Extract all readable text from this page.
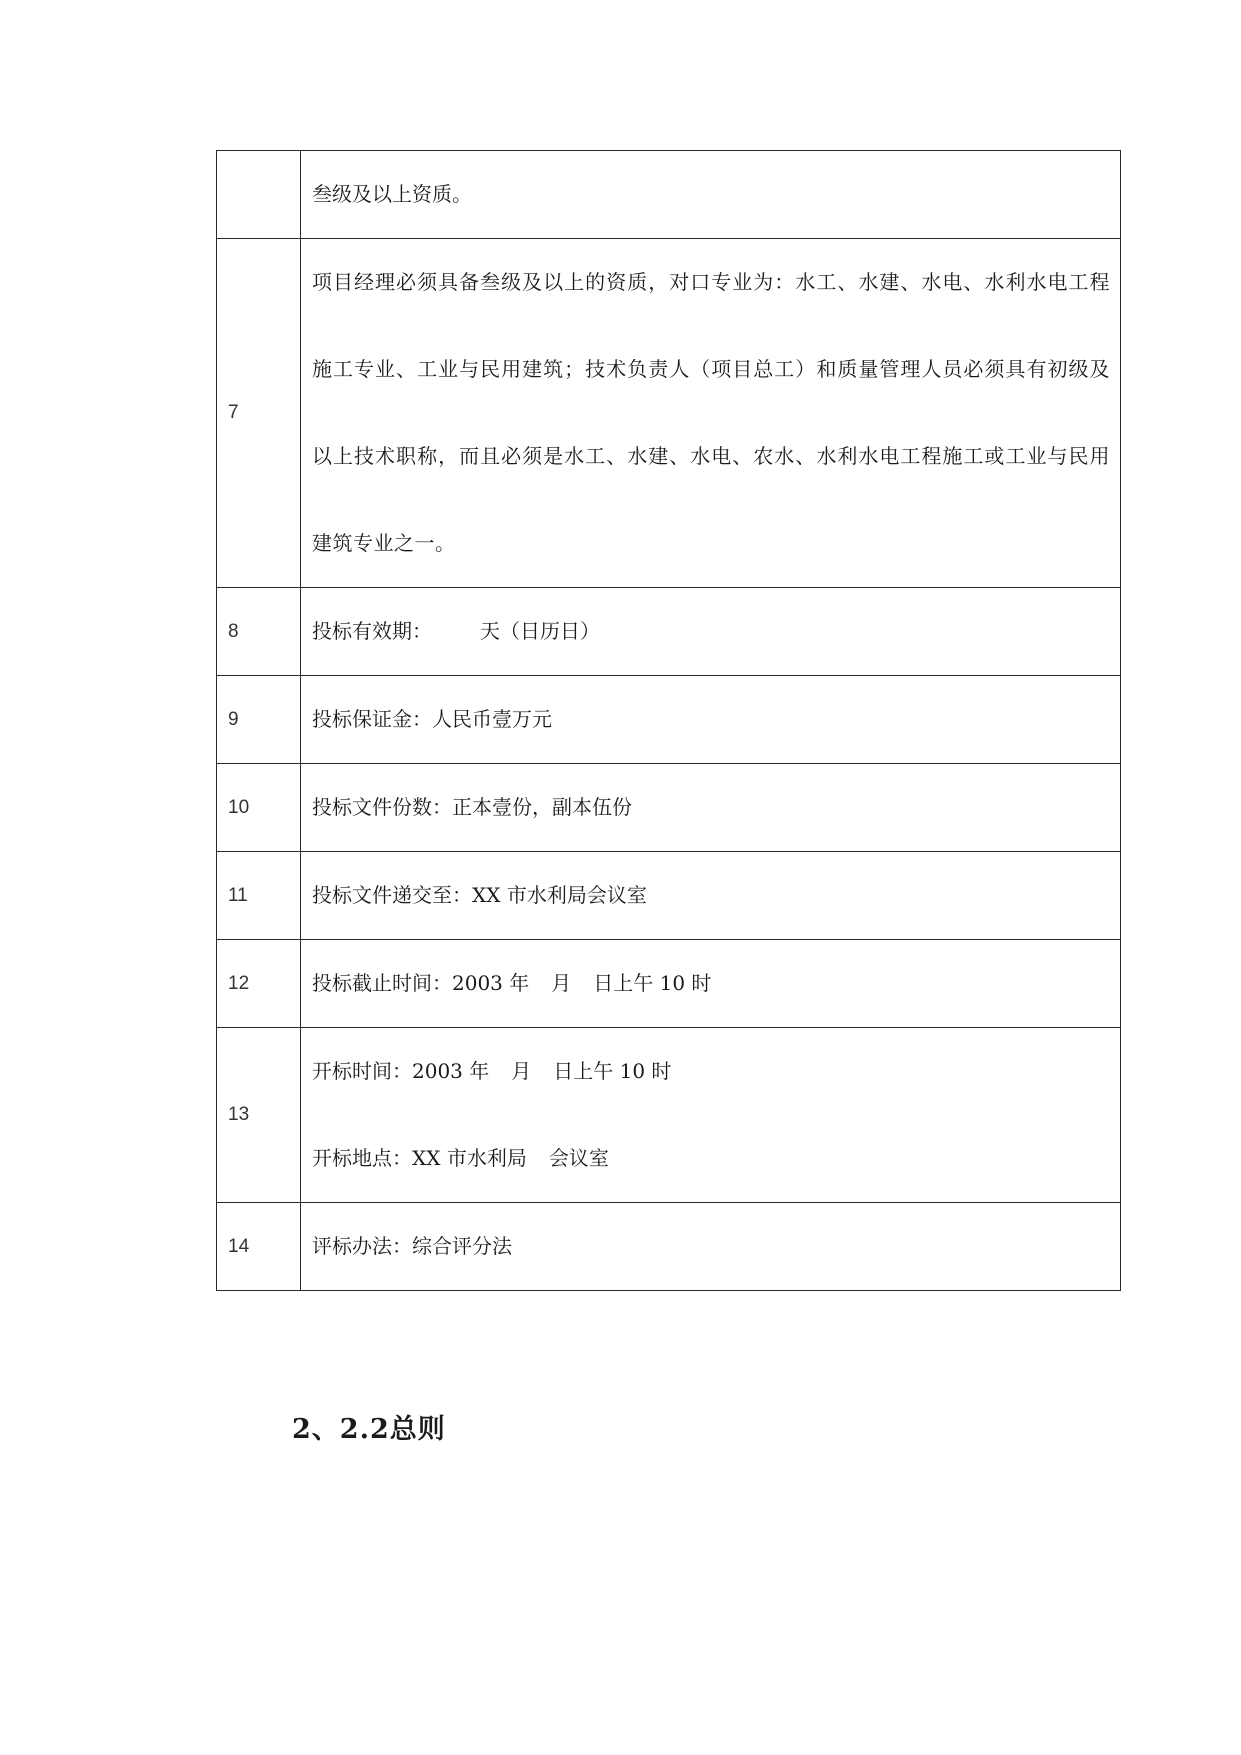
	叁级及以上资质。

7	项目经理必须具备叁级及以上的资质，对口专业为：水工、水建、水电、水利水电工程施工专业、工业与民用建筑；技术负责人（项目总工）和质量管理人员必须具有初级及以上技术职称，而且必须是水工、水建、水电、农水、水利水电工程施工或工业与民用建筑专业之一。

8	投标有效期： 天（日历日）

9	投标保证金：人民币壹万元

10	投标文件份数：正本壹份，副本伍份

11	投标文件递交至：XX 市水利局会议室

12	投标截止时间：2003 年 月 日上午 10 时

13	开标时间：2003 年 月 日上午 10 时
开标地点：XX 市水利局 会议室

14	评标办法：综合评分法
2、2.2总则
